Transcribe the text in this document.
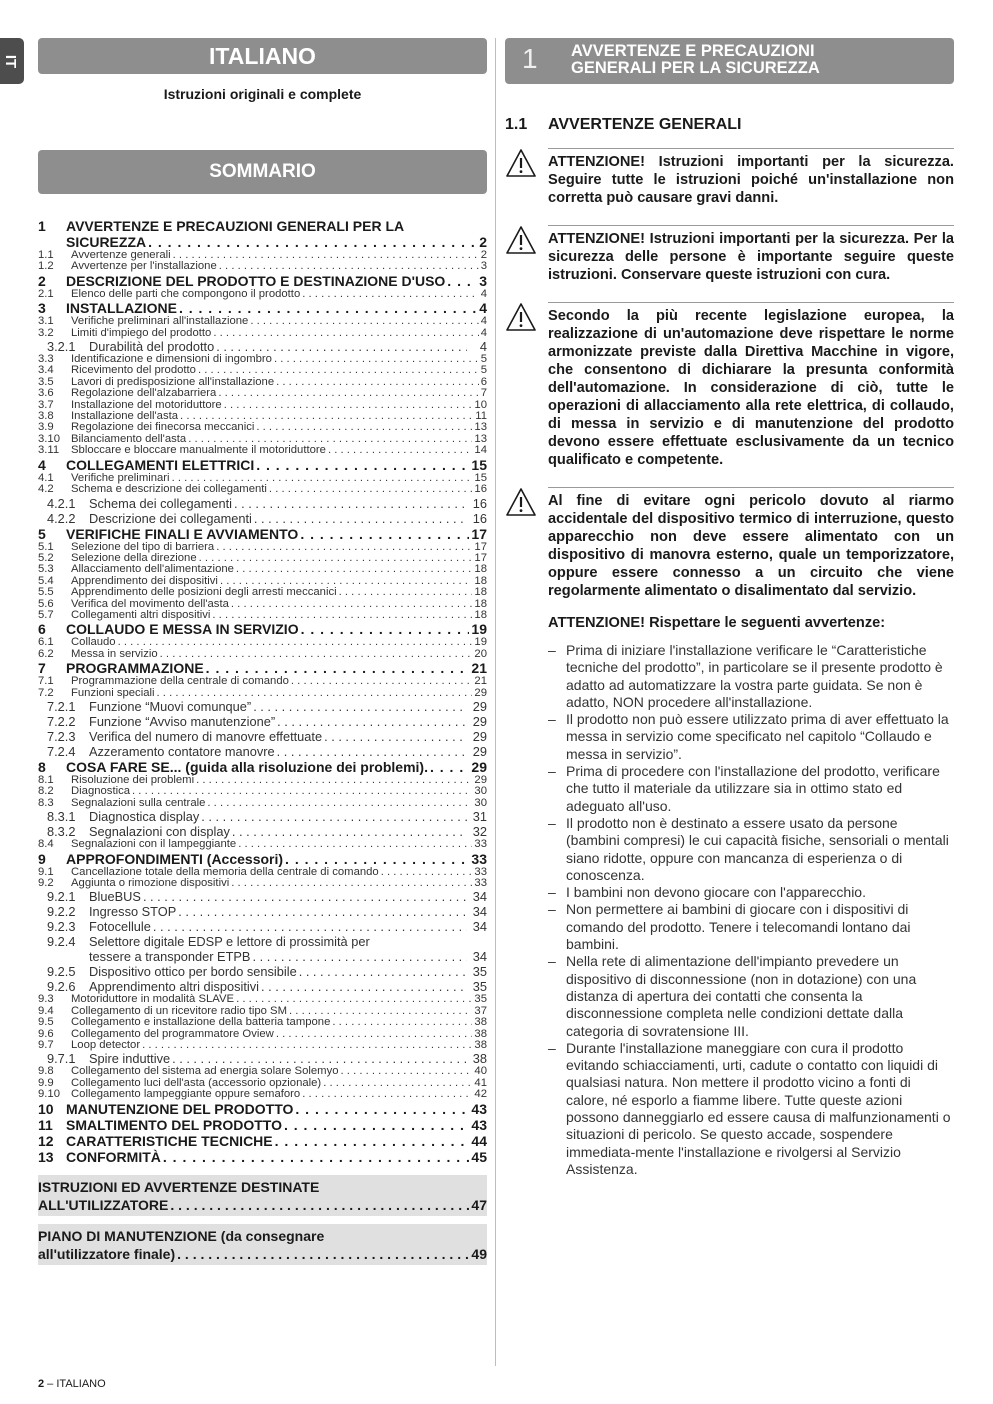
IT	ITALIANO
Istruzioni originali e complete
SOMMARIO
1	AVVERTENZE E PRECAUZIONI GENERALI PER LA
SICUREZZA . . .	2
1.1	Avvertenze generali . . .	2
1.2	Avvertenze per l'installazione . . .	3
2	DESCRIZIONE DEL PRODOTTO E DESTINAZIONE D'USO . . . 3
2.1	Elenco delle parti che compongono il prodotto . . .	4
3	INSTALLAZIONE . . .	4
3.1	Verifiche preliminari all'installazione . . .	4
3.2	Limiti d'impiego del prodotto . . .	4
3.2.1	Durabilità del prodotto . . .	4
3.3	Identificazione e dimensioni di ingombro . . .	5
3.4	Ricevimento del prodotto . . .	5
3.5	Lavori di predisposizione all'installazione . . .	6
3.6	Regolazione dell'alzabarriera . . .	7
3.7	Installazione del motoriduttore . . .	10
3.8	Installazione dell'asta . . .	11
3.9	Regolazione dei finecorsa meccanici . . .	13
3.10 Bilanciamento dell'asta . . .	13
3.11	Sbloccare e bloccare manualmente il motoriduttore . . .	14
4	COLLEGAMENTI ELETTRICI . . .	15
4.1	Verifiche preliminari . . .	15
4.2	Schema e descrizione dei collegamenti . . .	16
4.2.1	Schema dei collegamenti . . .	16
4.2.2	Descrizione dei collegamenti . . .	16
5	VERIFICHE FINALI E AVVIAMENTO . . .	17
5.1	Selezione del tipo di barriera . . .	17
5.2	Selezione della direzione . . .	17
5.3	Allacciamento dell'alimentazione . . .	18
5.4	Apprendimento dei dispositivi . . .	18
5.5	Apprendimento delle posizioni degli arresti meccanici . . .	18
5.6	Verifica del movimento dell'asta . . .	18
5.7	Collegamenti altri dispositivi . . .	18
6	COLLAUDO E MESSA IN SERVIZIO . . .	19
6.1	Collaudo . . .	19
6.2	Messa in servizio . . .	20
7	PROGRAMMAZIONE . . .	21
7.1	Programmazione della centrale di comando . . .	21
7.2	Funzioni speciali . . .	29
7.2.1	Funzione “Muovi comunque” . . .	29
7.2.2	Funzione “Avviso manutenzione” . . .	29
7.2.3	Verifica del numero di manovre effettuate . . .	29
7.2.4	Azzeramento contatore manovre . . .	29
8	COSA FARE SE... (guida alla risoluzione dei problemi). . . .	29
8.1	Risoluzione dei problemi . . .	29
8.2	Diagnostica . . .	30
8.3	Segnalazioni sulla centrale . . .	30
8.3.1	Diagnostica display . . .	31
8.3.2	Segnalazioni con display . . .	32
8.4	Segnalazioni con il lampeggiante . . .	33
9	APPROFONDIMENTI (Accessori) . . .	33
9.1	Cancellazione totale della memoria della centrale di comando . . .	33
9.2	Aggiunta o rimozione dispositivi . . .	33
9.2.1	BlueBUS . . .	34
9.2.2	Ingresso STOP . . .	34
9.2.3	Fotocellule . . .	34
9.2.4	Selettore digitale EDSP e lettore di prossimità per
tessere a transponder ETPB . . .	34
9.2.5	Dispositivo ottico per bordo sensibile . . .	35
9.2.6	Apprendimento altri dispositivi . . .	35
9.3	Motoriduttore in modalità SLAVE . . .	35
9.4	Collegamento di un ricevitore radio tipo SM . . .	37
9.5	Collegamento e installazione della batteria tampone . . .	38
9.6	Collegamento del programmatore Oview . . .	38
9.7	Loop detector . . .	38
9.7.1	Spire induttive . . .	38
9.8	Collegamento del sistema ad energia solare Solemyo . . .	40
9.9	Collegamento luci dell'asta (accessorio opzionale) . . .	41
9.10 Collegamento lampeggiante oppure semaforo . . .	42
10 MANUTENZIONE DEL PRODOTTO . . .	43
11 SMALTIMENTO DEL PRODOTTO . . .	43
12 CARATTERISTICHE TECNICHE . . .	44
13 CONFORMITÀ . . .	45
ISTRUZIONI ED AVVERTENZE DESTINATE
ALL'UTILIZZATORE . . .	47
PIANO DI MANUTENZIONE (da consegnare
all'utilizzatore finale) . . .	49
2 – ITALIANO
1 AVVERTENZE E PRECAUZIONI
GENERALI PER LA SICUREZZA
1.1	AVVERTENZE GENERALI
ATTENZIONE! Istruzioni importanti per la sicurezza. Seguire tutte le istruzioni poiché un'installazione non corretta può causare gravi danni.
ATTENZIONE! Istruzioni importanti per la sicurezza. Per la sicurezza delle persone è importante seguire queste istruzioni. Conservare queste istruzioni con cura.
Secondo la più recente legislazione europea, la realizzazione di un'automazione deve rispettare le norme armonizzate previste dalla Direttiva Macchine in vigore, che consentono di dichiarare la presunta conformità dell'automazione. In considerazione di ciò, tutte le operazioni di allacciamento alla rete elettrica, di collaudo, di messa in servizio e di manutenzione del prodotto devono essere effettuate esclusivamente da un tecnico qualificato e competente.
Al fine di evitare ogni pericolo dovuto al riarmo accidentale del dispositivo termico di interruzione, questo apparecchio non deve essere alimentato con un dispositivo di manovra esterno, quale un temporizzatore, oppure essere connesso a un circuito che viene regolarmente alimentato o disalimentato dal servizio.
ATTENZIONE! Rispettare le seguenti avvertenze:
– Prima di iniziare l'installazione verificare le “Caratteristiche tecniche del prodotto”, in particolare se il presente prodotto è adatto ad automatizzare la vostra parte guidata. Se non è adatto, NON procedere all'installazione.
– Il prodotto non può essere utilizzato prima di aver effettuato la messa in servizio come specificato nel capitolo “Collaudo e messa in servizio”.
– Prima di procedere con l'installazione del prodotto, verificare che tutto il materiale da utilizzare sia in ottimo stato ed adeguato all'uso.
– Il prodotto non è destinato a essere usato da persone (bambini compresi) le cui capacità fisiche, sensoriali o mentali siano ridotte, oppure con mancanza di esperienza o di conoscenza.
– I bambini non devono giocare con l'apparecchio.
– Non permettere ai bambini di giocare con i dispositivi di comando del prodotto. Tenere i telecomandi lontano dai bambini.
– Nella rete di alimentazione dell'impianto prevedere un dispositivo di disconnessione (non in dotazione) con una distanza di apertura dei contatti che consenta la disconnessione completa nelle condizioni dettate dalla categoria di sovratensione III.
– Durante l'installazione maneggiare con cura il prodotto evitando schiacciamenti, urti, cadute o contatto con liquidi di qualsiasi natura. Non mettere il prodotto vicino a fonti di calore, né esporlo a fiamme libere. Tutte queste azioni possono danneggiarlo ed essere causa di malfunzionamenti o situazioni di pericolo. Se questo accade, sospendere immediata-mente l'installazione e rivolgersi al Servizio Assistenza.
